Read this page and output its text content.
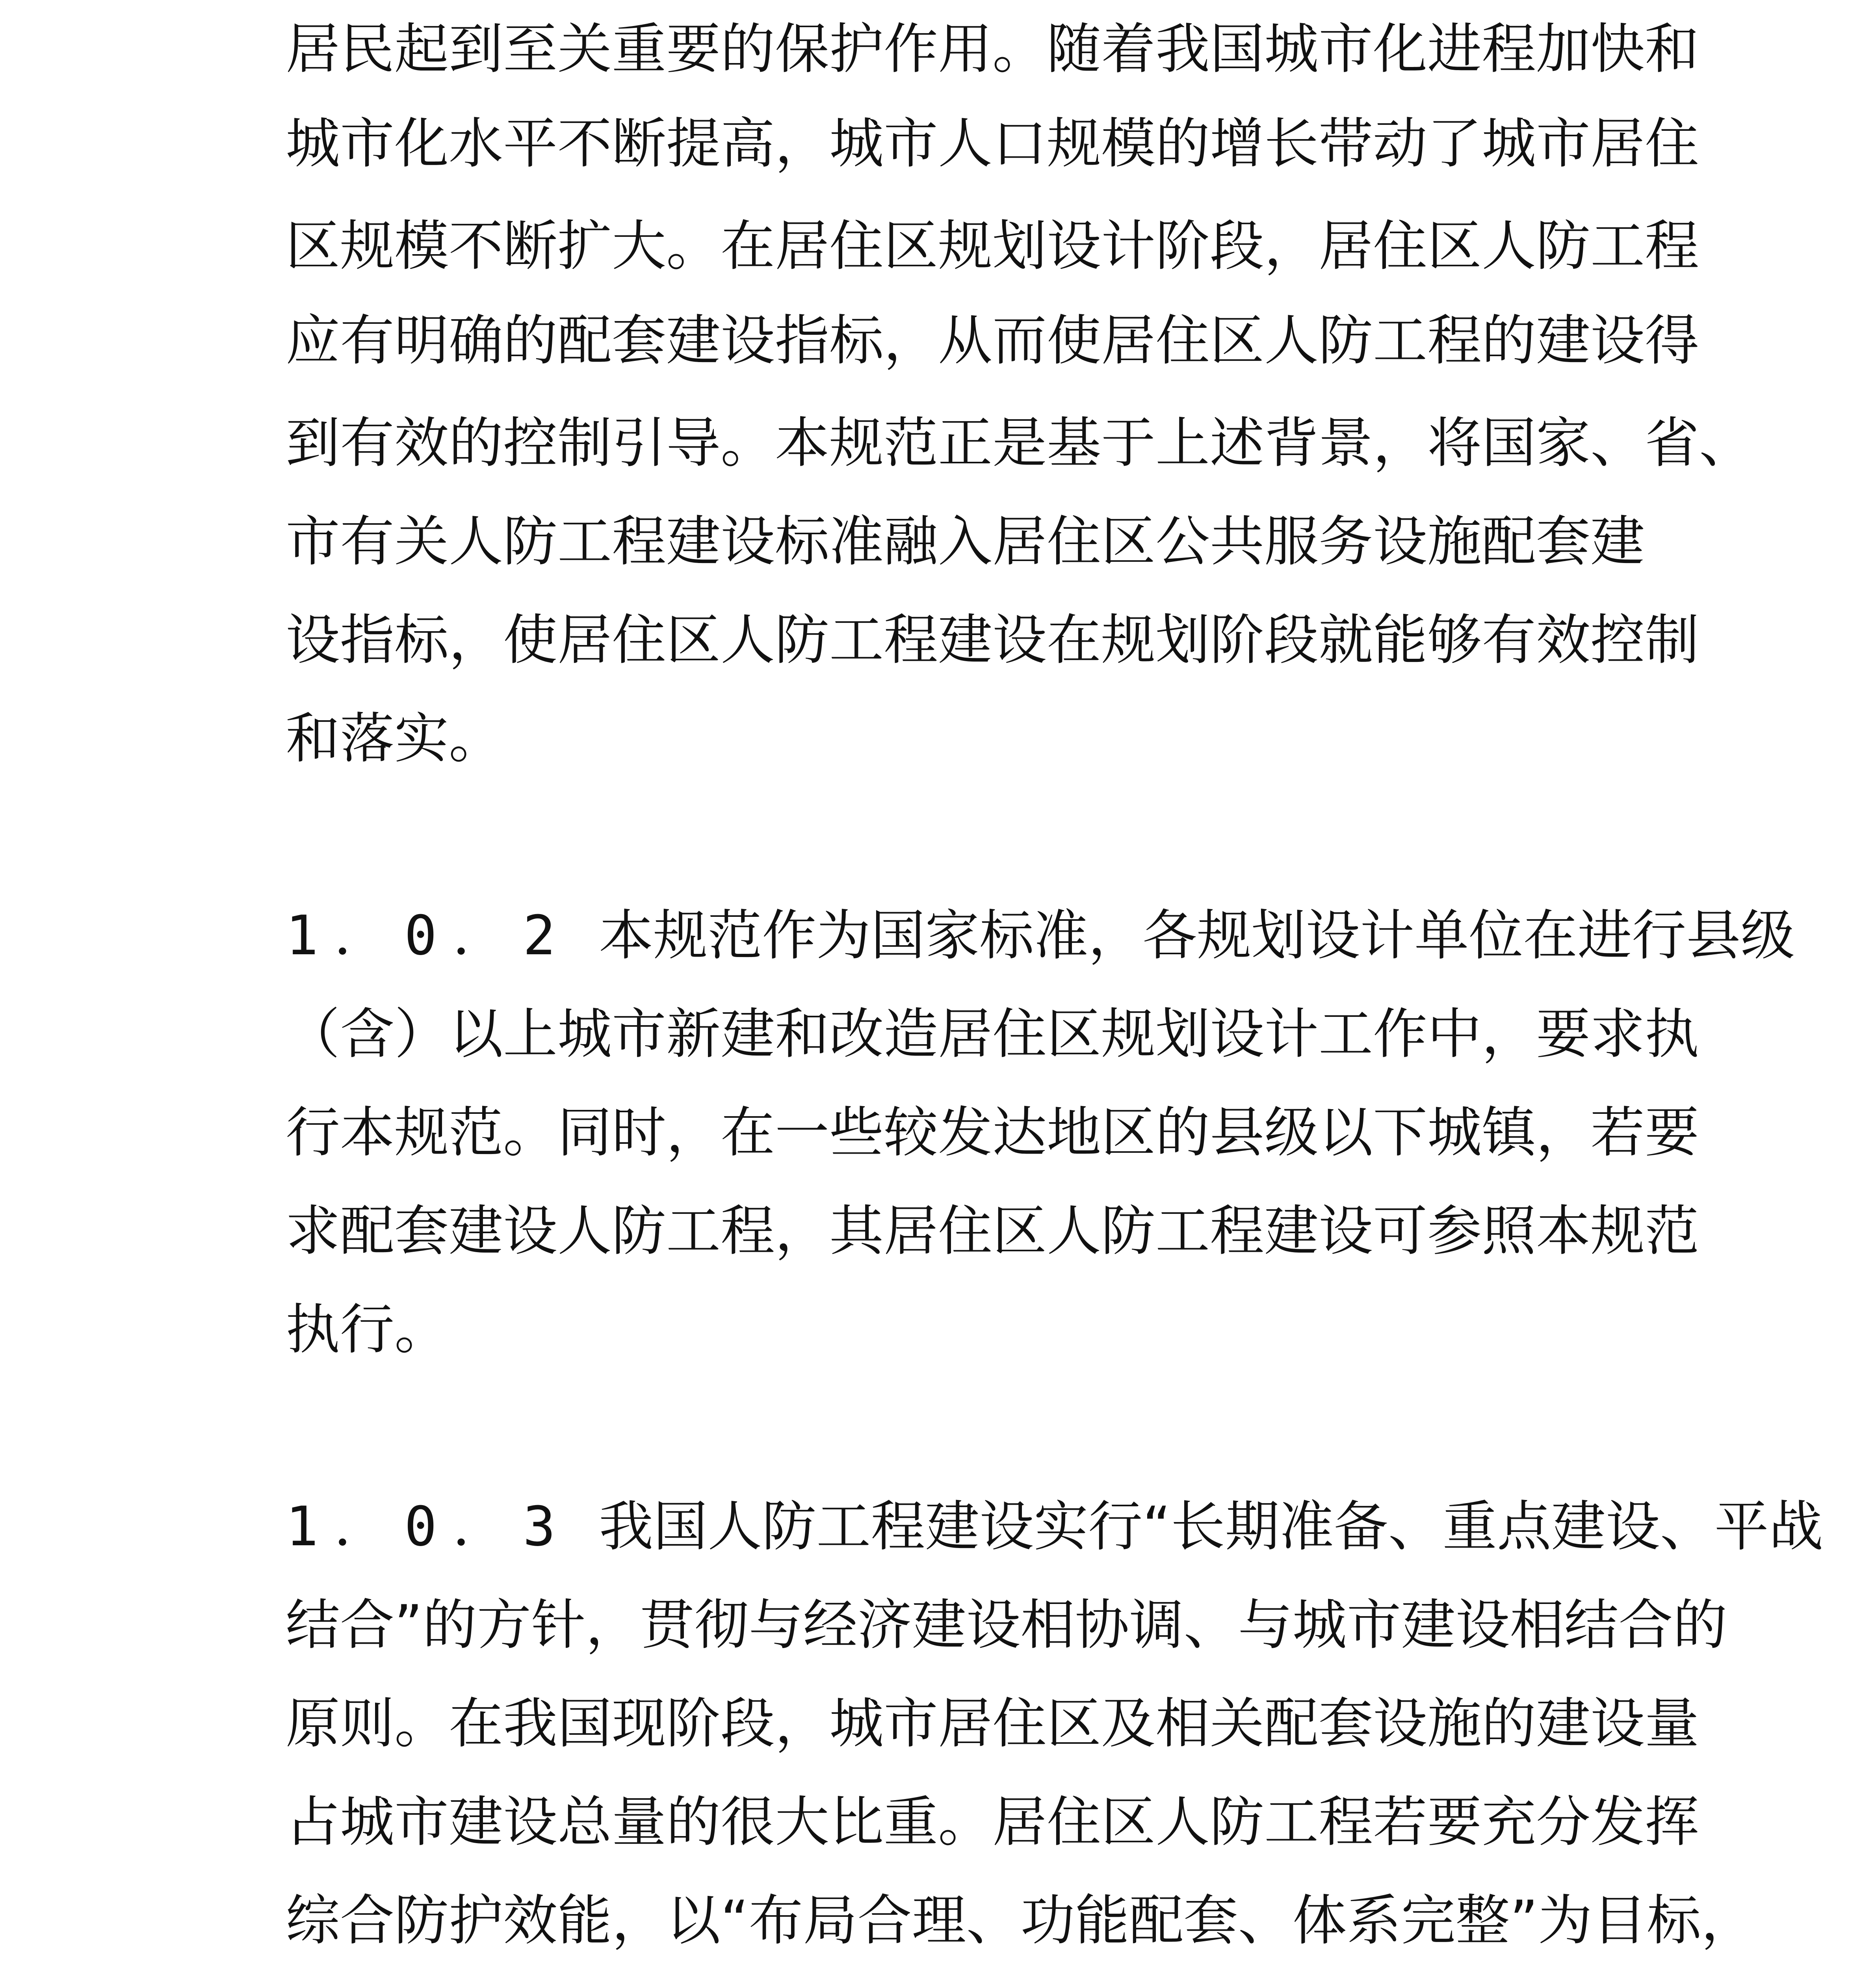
居民起到至关重要的保护作用。随着我国城市化进程加快和
城市化水平不断提高，城市人口规模的增长带动了城市居住
区规模不断扩大。在居住区规划设计阶段，居住区人防工程
应有明确的配套建设指标，从而使居住区人防工程的建设得
到有效的控制引导。本规范正是基于上述背景，将国家、省、
市有关人防工程建设标准融入居住区公共服务设施配套建
设指标，使居住区人防工程建设在规划阶段就能够有效控制
和落实。
1．0．2 本规范作为国家标准，各规划设计单位在进行县级
（含）以上城市新建和改造居住区规划设计工作中，要求执
行本规范。同时，在一些较发达地区的县级以下城镇，若要
求配套建设人防工程，其居住区人防工程建设可参照本规范
执行。
1．0．3 我国人防工程建设实行“长期准备、重点建设、平战
结合”的方针，贯彻与经济建设相协调、与城市建设相结合的
原则。在我国现阶段，城市居住区及相关配套设施的建设量
占城市建设总量的很大比重。居住区人防工程若要充分发挥
综合防护效能，以“布局合理、功能配套、体系完整”为目标，
